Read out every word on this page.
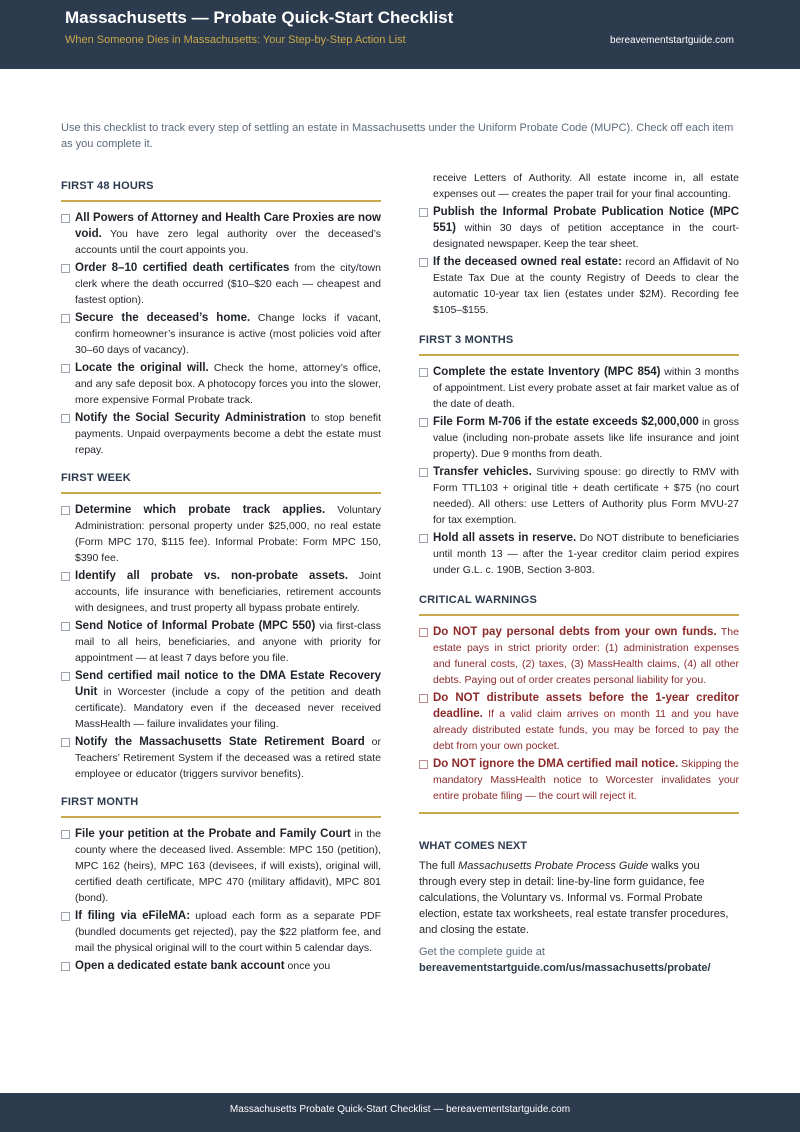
Massachusetts — Probate Quick-Start Checklist
When Someone Dies in Massachusetts: Your Step-by-Step Action List	bereavementstartguide.com
Use this checklist to track every step of settling an estate in Massachusetts under the Uniform Probate Code (MUPC). Check off each item as you complete it.
FIRST 48 HOURS
All Powers of Attorney and Health Care Proxies are now void. You have zero legal authority over the deceased’s accounts until the court appoints you.
Order 8–10 certified death certificates from the city/town clerk where the death occurred ($10–$20 each — cheapest and fastest option).
Secure the deceased’s home. Change locks if vacant, confirm homeowner’s insurance is active (most policies void after 30–60 days of vacancy).
Locate the original will. Check the home, attorney’s office, and any safe deposit box. A photocopy forces you into the slower, more expensive Formal Probate track.
Notify the Social Security Administration to stop benefit payments. Unpaid overpayments become a debt the estate must repay.
FIRST WEEK
Determine which probate track applies. Voluntary Administration: personal property under $25,000, no real estate (Form MPC 170, $115 fee). Informal Probate: Form MPC 150, $390 fee.
Identify all probate vs. non-probate assets. Joint accounts, life insurance with beneficiaries, retirement accounts with designees, and trust property all bypass probate entirely.
Send Notice of Informal Probate (MPC 550) via first-class mail to all heirs, beneficiaries, and anyone with priority for appointment — at least 7 days before you file.
Send certified mail notice to the DMA Estate Recovery Unit in Worcester (include a copy of the petition and death certificate). Mandatory even if the deceased never received MassHealth — failure invalidates your filing.
Notify the Massachusetts State Retirement Board or Teachers’ Retirement System if the deceased was a retired state employee or educator (triggers survivor benefits).
FIRST MONTH
File your petition at the Probate and Family Court in the county where the deceased lived. Assemble: MPC 150 (petition), MPC 162 (heirs), MPC 163 (devisees, if will exists), original will, certified death certificate, MPC 470 (military affidavit), MPC 801 (bond).
If filing via eFileMA: upload each form as a separate PDF (bundled documents get rejected), pay the $22 platform fee, and mail the physical original will to the court within 5 calendar days.
Open a dedicated estate bank account once you
receive Letters of Authority. All estate income in, all estate expenses out — creates the paper trail for your final accounting.
Publish the Informal Probate Publication Notice (MPC 551) within 30 days of petition acceptance in the court-designated newspaper. Keep the tear sheet.
If the deceased owned real estate: record an Affidavit of No Estate Tax Due at the county Registry of Deeds to clear the automatic 10-year tax lien (estates under $2M). Recording fee $105–$155.
FIRST 3 MONTHS
Complete the estate Inventory (MPC 854) within 3 months of appointment. List every probate asset at fair market value as of the date of death.
File Form M-706 if the estate exceeds $2,000,000 in gross value (including non-probate assets like life insurance and joint property). Due 9 months from death.
Transfer vehicles. Surviving spouse: go directly to RMV with Form TTL103 + original title + death certificate + $75 (no court needed). All others: use Letters of Authority plus Form MVU-27 for tax exemption.
Hold all assets in reserve. Do NOT distribute to beneficiaries until month 13 — after the 1-year creditor claim period expires under G.L. c. 190B, Section 3-803.
CRITICAL WARNINGS
Do NOT pay personal debts from your own funds. The estate pays in strict priority order: (1) administration expenses and funeral costs, (2) taxes, (3) MassHealth claims, (4) all other debts. Paying out of order creates personal liability for you.
Do NOT distribute assets before the 1-year creditor deadline. If a valid claim arrives on month 11 and you have already distributed estate funds, you may be forced to pay the debt from your own pocket.
Do NOT ignore the DMA certified mail notice. Skipping the mandatory MassHealth notice to Worcester invalidates your entire probate filing — the court will reject it.
WHAT COMES NEXT
The full Massachusetts Probate Process Guide walks you through every step in detail: line-by-line form guidance, fee calculations, the Voluntary vs. Informal vs. Formal Probate election, estate tax worksheets, real estate transfer procedures, and closing the estate.
Get the complete guide at
bereavementstartguide.com/us/massachusetts/probate/
Massachusetts Probate Quick-Start Checklist — bereavementstartguide.com
